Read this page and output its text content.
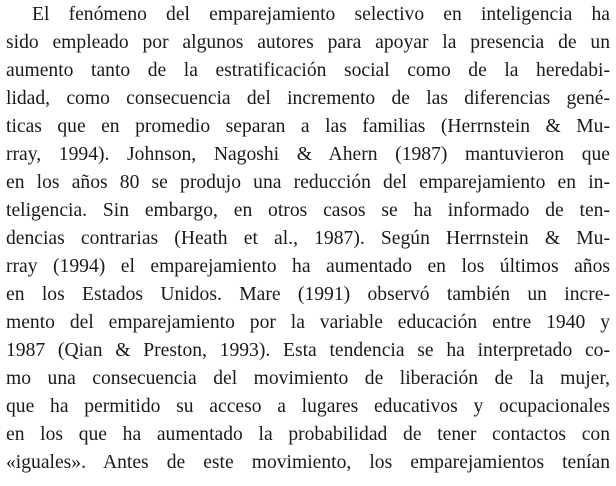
El fenómeno del emparejamiento selectivo en inteligencia ha
sido empleado por algunos autores para apoyar la presencia de un
aumento tanto de la estratificación social como de la heredabi-
lidad, como consecuencia del incremento de las diferencias gené-
ticas que en promedio separan a las familias (Herrnstein & Mu-
rray, 1994). Johnson, Nagoshi & Ahern (1987) mantuvieron que
en los años 80 se produjo una reducción del emparejamiento en in-
teligencia. Sin embargo, en otros casos se ha informado de ten-
dencias contrarias (Heath et al., 1987). Según Herrnstein & Mu-
rray (1994) el emparejamiento ha aumentado en los últimos años
en los Estados Unidos. Mare (1991) observó también un incre-
mento del emparejamiento por la variable educación entre 1940 y
1987 (Qian & Preston, 1993). Esta tendencia se ha interpretado co-
mo una consecuencia del movimiento de liberación de la mujer,
que ha permitido su acceso a lugares educativos y ocupacionales
en los que ha aumentado la probabilidad de tener contactos con
«iguales». Antes de este movimiento, los emparejamientos tenían
